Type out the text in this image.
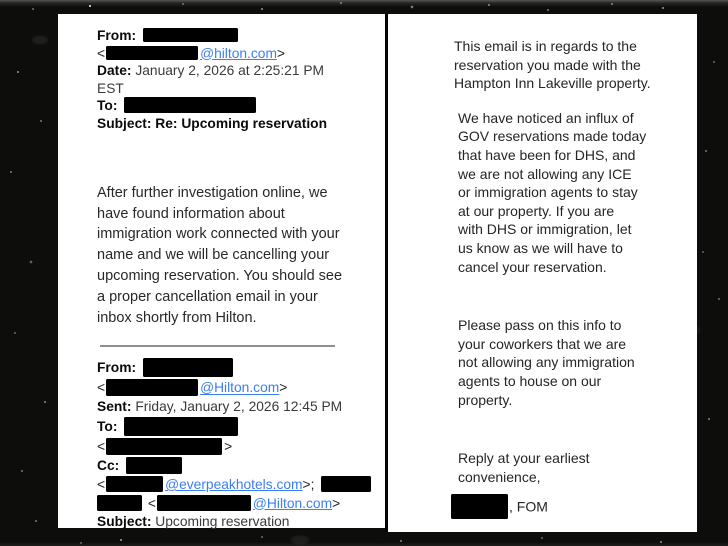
From:
<	@hilton.com>
Date: January 2, 2026 at 2:25:21 PM
EST
To:
Subject: Re: Upcoming reservation
After further investigation online, we
have found information about
immigration work connected with your
name and we will be cancelling your
upcoming reservation. You should see
a proper cancellation email in your
inbox shortly from Hilton.
From:
<	@Hilton.com>
Sent: Friday, January 2, 2026 12:45 PM
To:
<	>
Cc:
<	@everpeakhotels.com>;
<	@Hilton.com>
Subject: Upcoming reservation

This email is in regards to the
reservation you made with the
Hampton Inn Lakeville property.

We have noticed an influx of
GOV reservations made today
that have been for DHS, and
we are not allowing any ICE
or immigration agents to stay
at our property. If you are
with DHS or immigration, let
us know as we will have to
cancel your reservation.

Please pass on this info to
your coworkers that we are
not allowing any immigration
agents to house on our
property.

Reply at your earliest
convenience,

, FOM
